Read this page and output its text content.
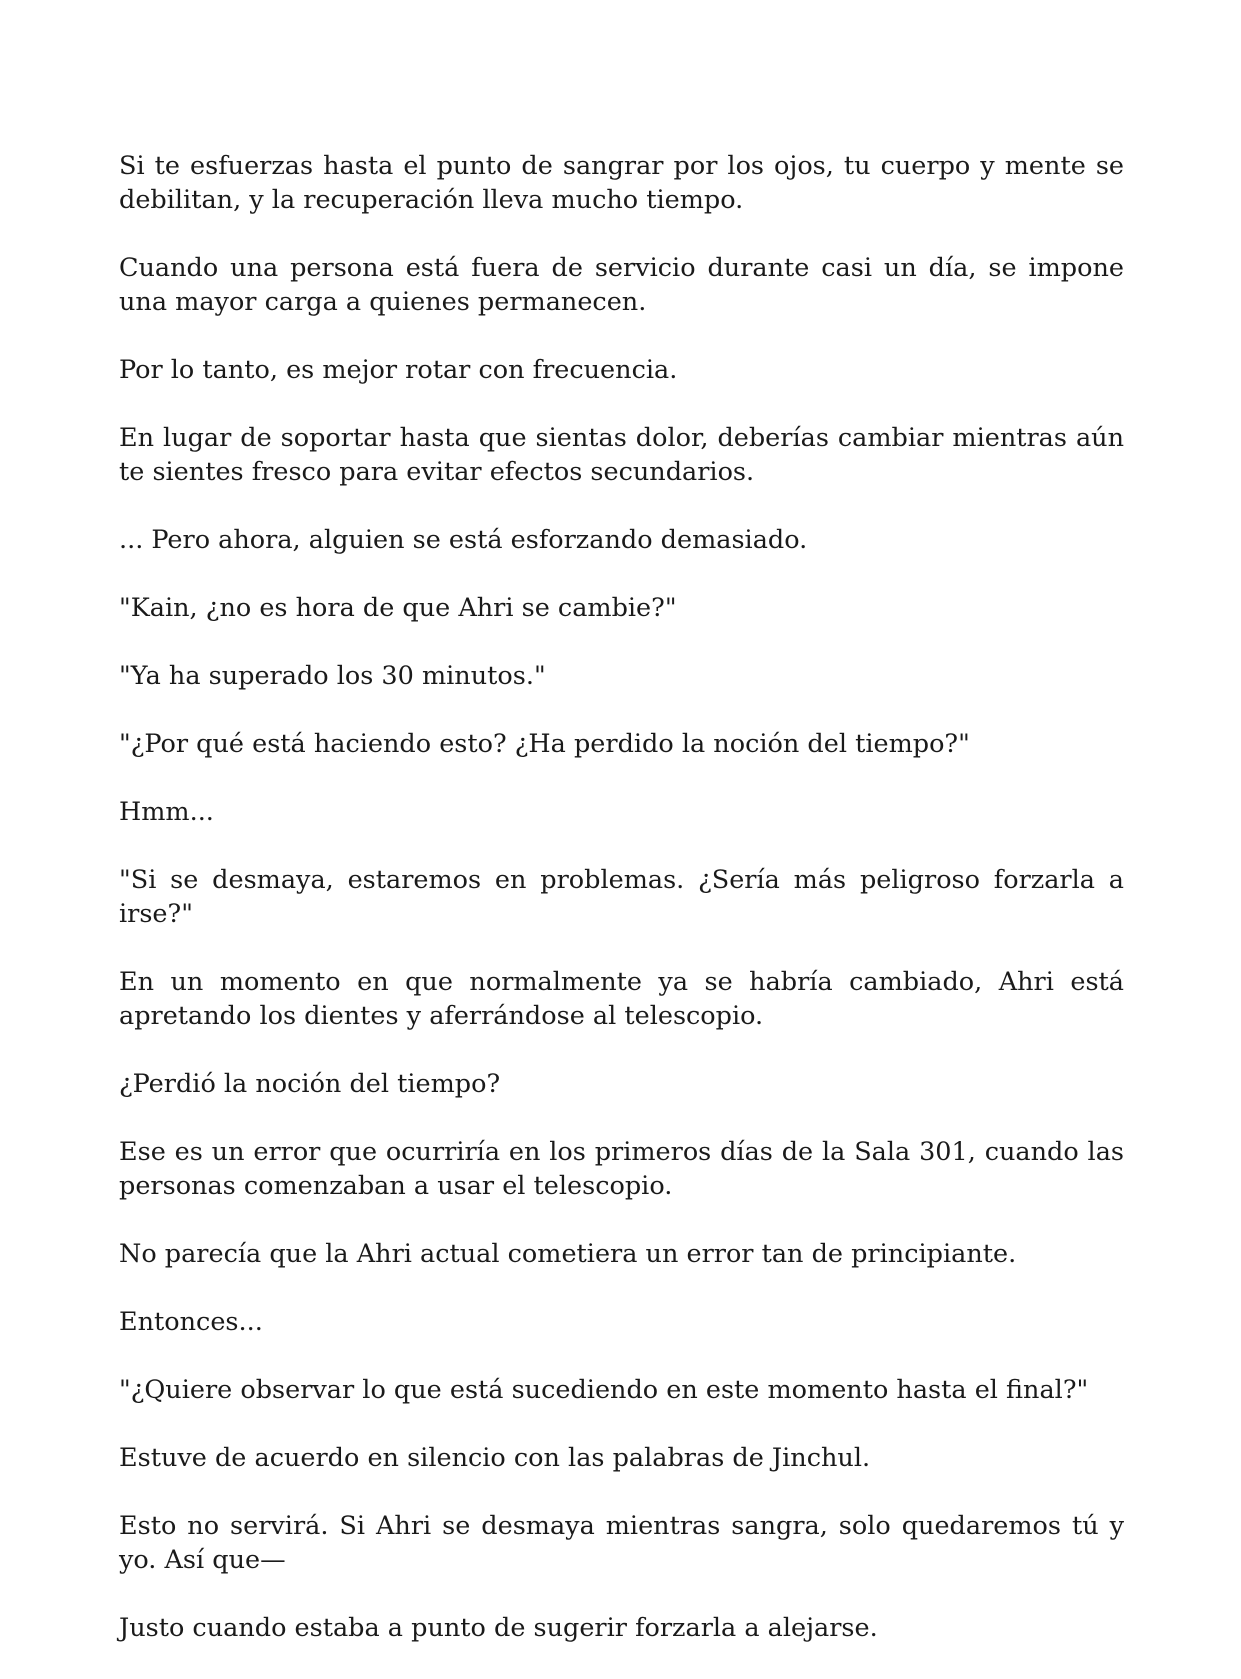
Si te esfuerzas hasta el punto de sangrar por los ojos, tu cuerpo y mente se debilitan, y la recuperación lleva mucho tiempo.

Cuando una persona está fuera de servicio durante casi un día, se impone una mayor carga a quienes permanecen.

Por lo tanto, es mejor rotar con frecuencia.

En lugar de soportar hasta que sientas dolor, deberías cambiar mientras aún te sientes fresco para evitar efectos secundarios.

... Pero ahora, alguien se está esforzando demasiado.

"Kain, ¿no es hora de que Ahri se cambie?"

"Ya ha superado los 30 minutos."

"¿Por qué está haciendo esto? ¿Ha perdido la noción del tiempo?"

Hmm...

"Si se desmaya, estaremos en problemas. ¿Sería más peligroso forzarla a irse?"

En un momento en que normalmente ya se habría cambiado, Ahri está apretando los dientes y aferrándose al telescopio.

¿Perdió la noción del tiempo?

Ese es un error que ocurriría en los primeros días de la Sala 301, cuando las personas comenzaban a usar el telescopio.

No parecía que la Ahri actual cometiera un error tan de principiante.

Entonces...

"¿Quiere observar lo que está sucediendo en este momento hasta el final?"

Estuve de acuerdo en silencio con las palabras de Jinchul.

Esto no servirá. Si Ahri se desmaya mientras sangra, solo quedaremos tú y yo. Así que—

Justo cuando estaba a punto de sugerir forzarla a alejarse.
